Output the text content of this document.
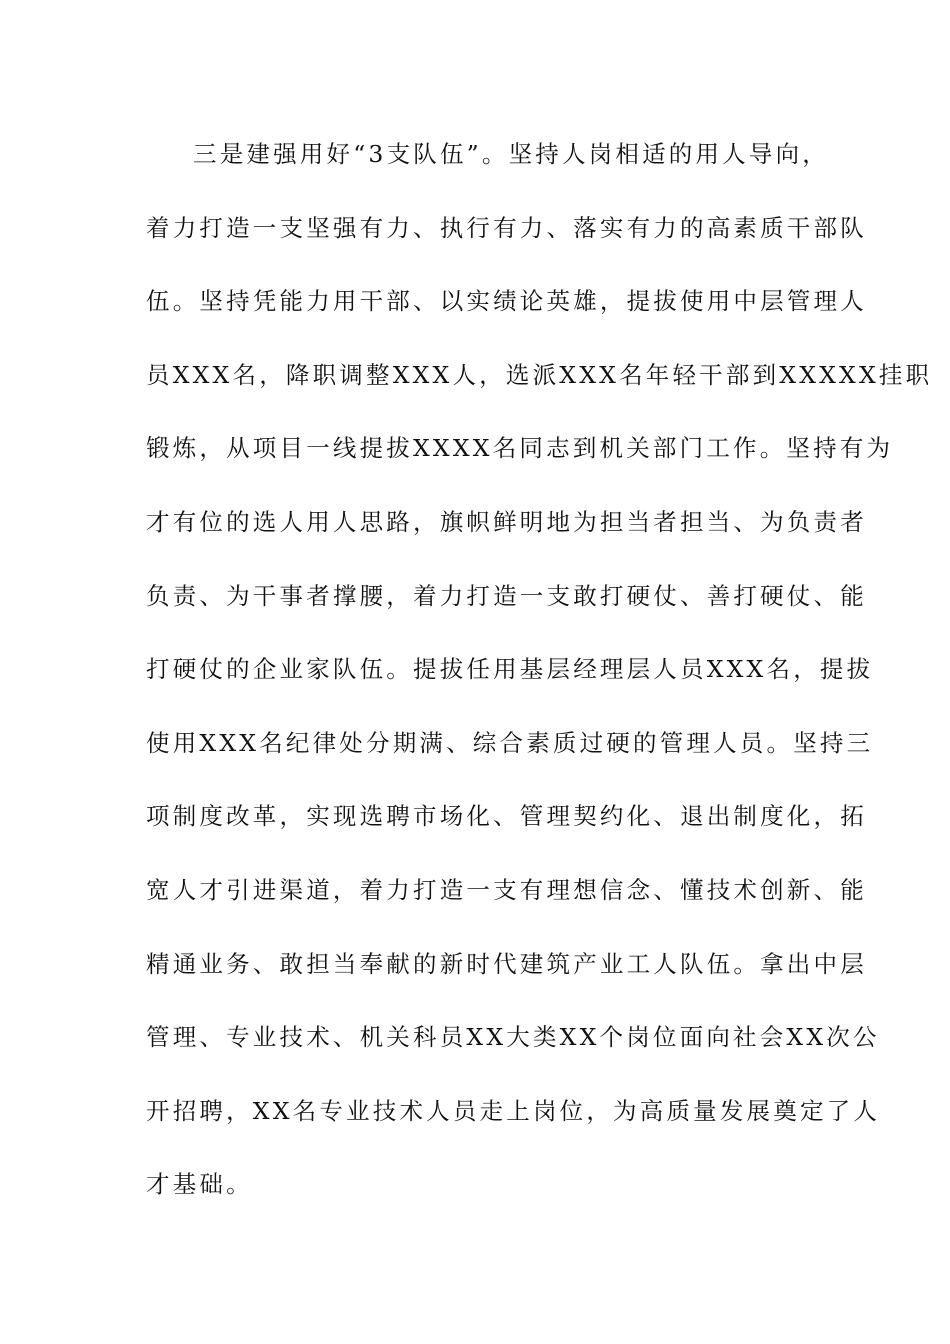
三是建强用好“3支队伍”。坚持人岗相适的用人导向，
着力打造一支坚强有力、执行有力、落实有力的高素质干部队
伍。坚持凭能力用干部、以实绩论英雄，提拔使用中层管理人
员XXX名，降职调整XXX人，选派XXX名年轻干部到XXXXX挂职
锻炼，从项目一线提拔XXXX名同志到机关部门工作。坚持有为
才有位的选人用人思路，旗帜鲜明地为担当者担当、为负责者
负责、为干事者撑腰，着力打造一支敢打硬仗、善打硬仗、能
打硬仗的企业家队伍。提拔任用基层经理层人员XXX名，提拔
使用XXX名纪律处分期满、综合素质过硬的管理人员。坚持三
项制度改革，实现选聘市场化、管理契约化、退出制度化，拓
宽人才引进渠道，着力打造一支有理想信念、懂技术创新、能
精通业务、敢担当奉献的新时代建筑产业工人队伍。拿出中层
管理、专业技术、机关科员XX大类XX个岗位面向社会XX次公
开招聘，XX名专业技术人员走上岗位，为高质量发展奠定了人
才基础。
